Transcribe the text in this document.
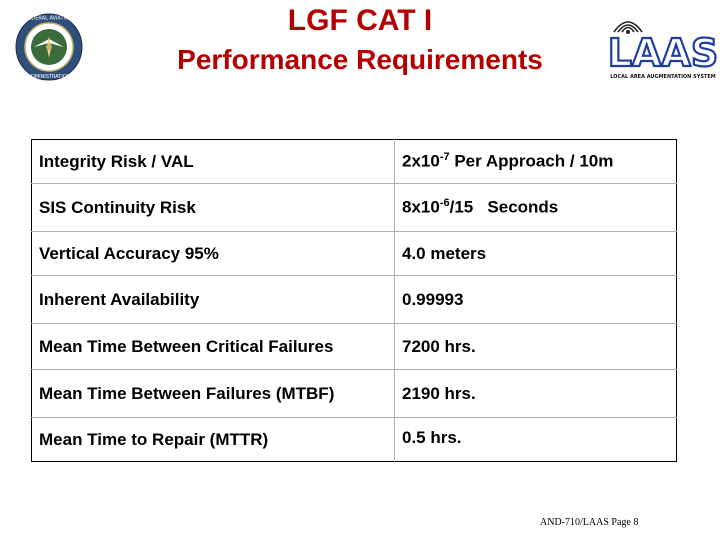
LGF CAT I
Performance Requirements
FEDERAL AVIATION
ADMINISTRATION
LAAS
LOCAL AREA AUGMENTATION SYSTEM
Integrity Risk / VAL	$2x10^{-7}$ Per Approach / 10m
SIS Continuity Risk	$8x10^{-6}/15$   Seconds
Vertical Accuracy 95%	4.0 meters
Inherent Availability	0.99993
Mean Time Between Critical Failures	7200 hrs.
Mean Time Between Failures (MTBF)	2190 hrs.
Mean Time to Repair (MTTR)	0.5 hrs.
AND-710/LAAS Page 8
